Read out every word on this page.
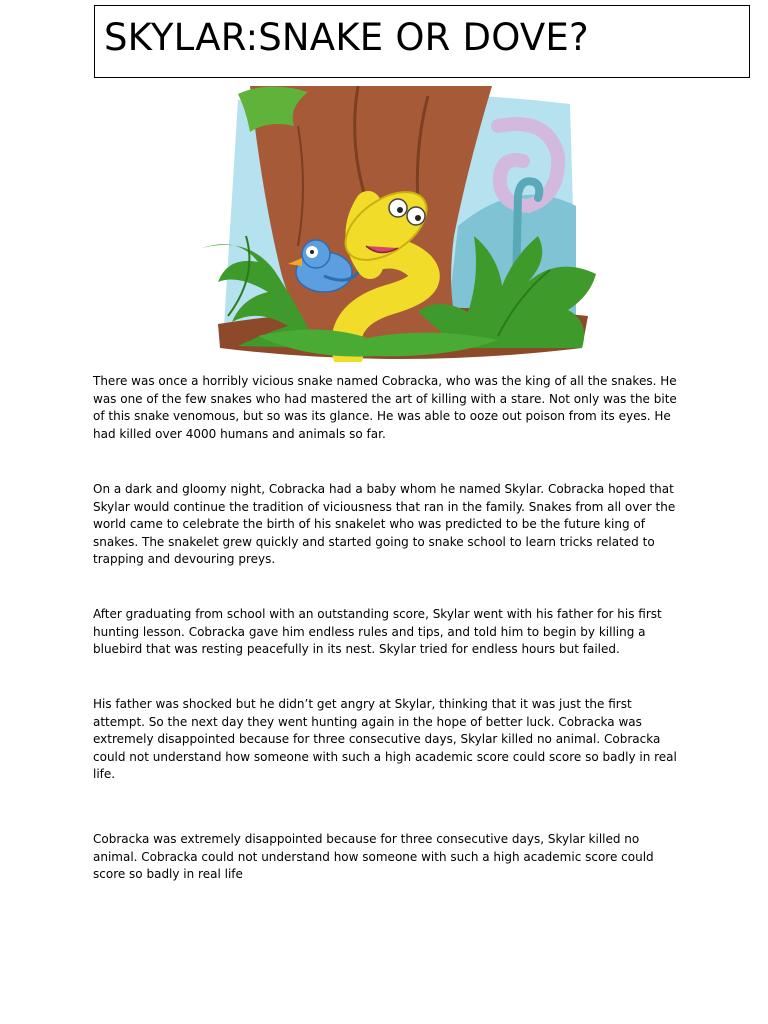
SKYLAR:SNAKE OR DOVE?

There was once a horribly vicious snake named Cobracka, who was the king of all the snakes. He was one of the few snakes who had mastered the art of killing with a stare. Not only was the bite of this snake venomous, but so was its glance. He was able to ooze out poison from its eyes. He had killed over 4000 humans and animals so far.

On a dark and gloomy night, Cobracka had a baby whom he named Skylar. Cobracka hoped that Skylar would continue the tradition of viciousness that ran in the family. Snakes from all over the world came to celebrate the birth of his snakelet who was predicted to be the future king of snakes. The snakelet grew quickly and started going to snake school to learn tricks related to trapping and devouring preys.

After graduating from school with an outstanding score, Skylar went with his father for his first hunting lesson. Cobracka gave him endless rules and tips, and told him to begin by killing a bluebird that was resting peacefully in its nest. Skylar tried for endless hours but failed.

His father was shocked but he didn’t get angry at Skylar, thinking that it was just the first attempt. So the next day they went hunting again in the hope of better luck. Cobracka was extremely disappointed because for three consecutive days, Skylar killed no animal. Cobracka could not understand how someone with such a high academic score could score so badly in real life.

Cobracka was extremely disappointed because for three consecutive days, Skylar killed no animal. Cobracka could not understand how someone with such a high academic score could score so badly in real life
